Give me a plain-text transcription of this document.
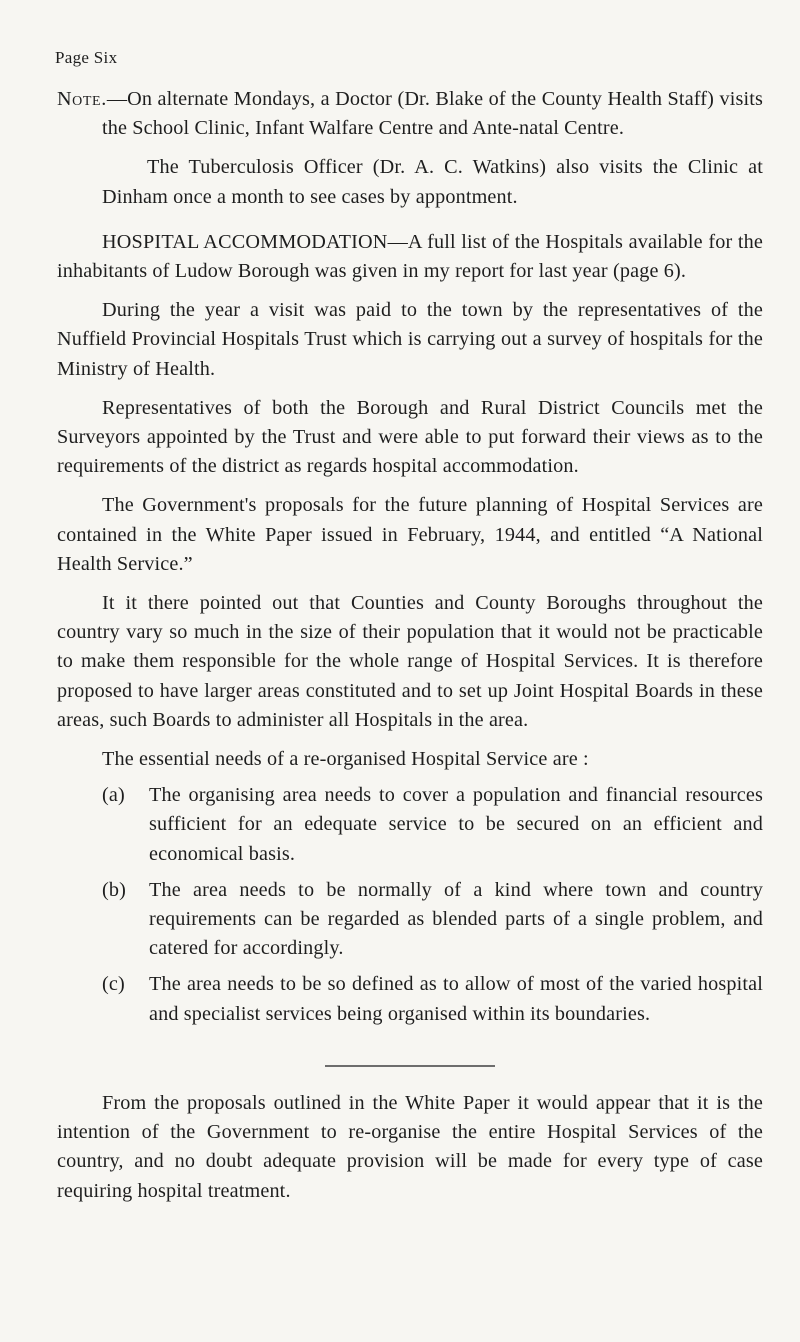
Page Six

Note.—On alternate Mondays, a Doctor (Dr. Blake of the County Health Staff) visits the School Clinic, Infant Walfare Centre and Ante-natal Centre.

The Tuberculosis Officer (Dr. A. C. Watkins) also visits the Clinic at Dinham once a month to see cases by appontment.

HOSPITAL ACCOMMODATION—A full list of the Hospitals available for the inhabitants of Ludow Borough was given in my report for last year (page 6).

During the year a visit was paid to the town by the representatives of the Nuffield Provincial Hospitals Trust which is carrying out a survey of hospitals for the Ministry of Health.

Representatives of both the Borough and Rural District Councils met the Surveyors appointed by the Trust and were able to put forward their views as to the requirements of the district as regards hospital accommodation.

The Government's proposals for the future planning of Hospital Services are contained in the White Paper issued in February, 1944, and entitled “A National Health Service.”

It it there pointed out that Counties and County Boroughs throughout the country vary so much in the size of their population that it would not be practicable to make them responsible for the whole range of Hospital Services. It is therefore proposed to have larger areas constituted and to set up Joint Hospital Boards in these areas, such Boards to administer all Hospitals in the area.

The essential needs of a re-organised Hospital Service are :

(a) The organising area needs to cover a population and financial resources sufficient for an edequate service to be secured on an efficient and economical basis.
(b) The area needs to be normally of a kind where town and country requirements can be regarded as blended parts of a single problem, and catered for accordingly.
(c) The area needs to be so defined as to allow of most of the varied hospital and specialist services being organised within its boundaries.

From the proposals outlined in the White Paper it would appear that it is the intention of the Government to re-organise the entire Hospital Services of the country, and no doubt adequate provision will be made for every type of case requiring hospital treatment.
